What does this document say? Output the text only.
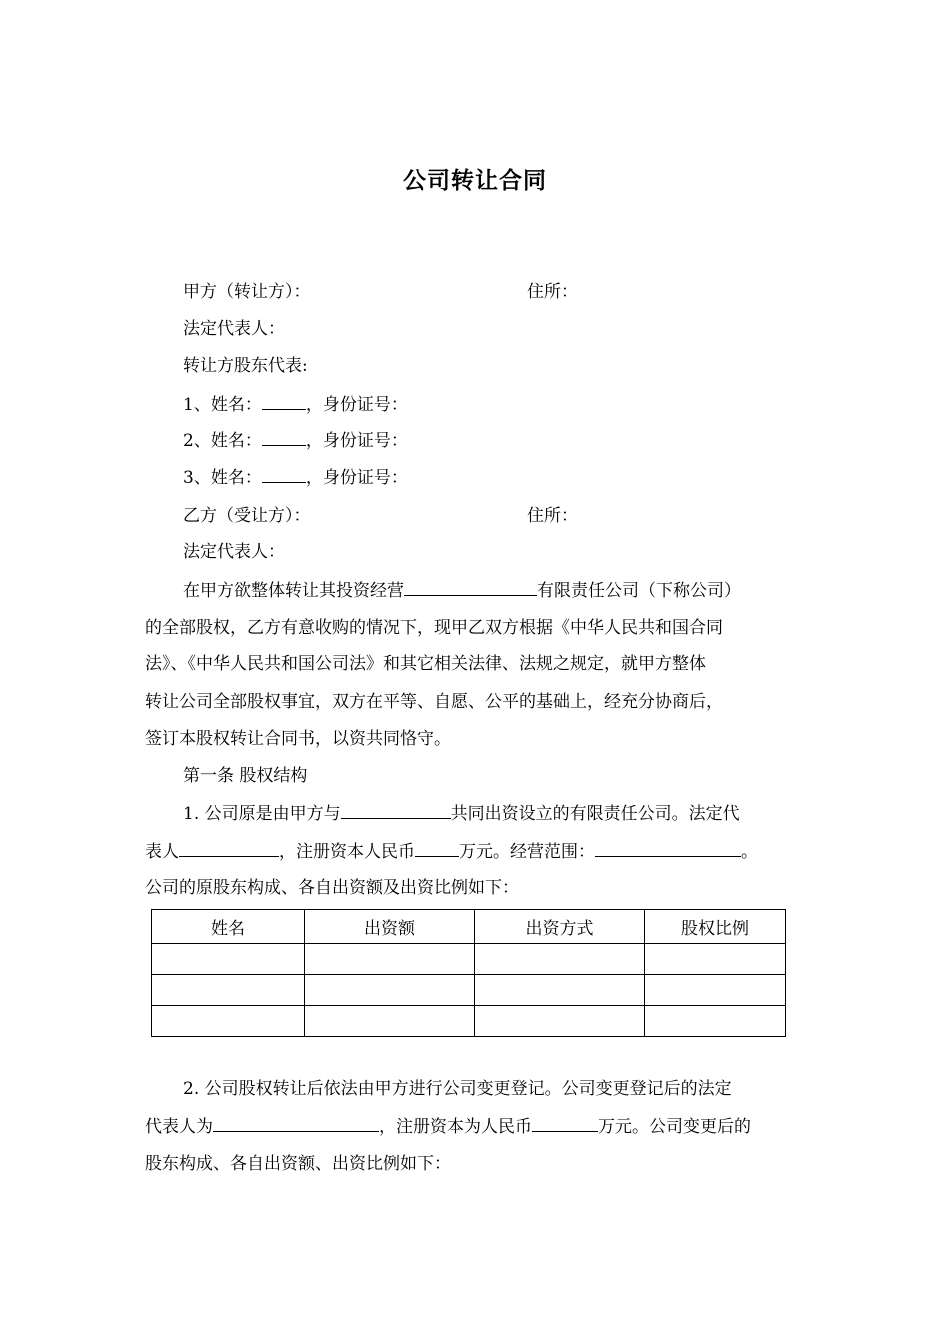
公司转让合同
甲方（转让方）：	住所：
法定代表人：
转让方股东代表:
1、姓名：	，身份证号：
2、姓名：	，身份证号：
3、姓名：	，身份证号：
乙方（受让方）：	住所：
法定代表人：
在甲方欲整体转让其投资经营	有限责任公司（下称公司）
的全部股权，乙方有意收购的情况下，现甲乙双方根据《中华人民共和国合同
法》、《中华人民共和国公司法》和其它相关法律、法规之规定，就甲方整体
转让公司全部股权事宜，双方在平等、自愿、公平的基础上，经充分协商后，
签订本股权转让合同书，以资共同恪守。
第一条 股权结构
1. 公司原是由甲方与	共同出资设立的有限责任公司。法定代
表人	，注册资本人民币	万元。经营范围：	。
公司的原股东构成、各自出资额及出资比例如下：
姓名	出资额	出资方式	股权比例

2. 公司股权转让后依法由甲方进行公司变更登记。公司变更登记后的法定
代表人为	，注册资本为人民币	万元。公司变更后的
股东构成、各自出资额、出资比例如下：
